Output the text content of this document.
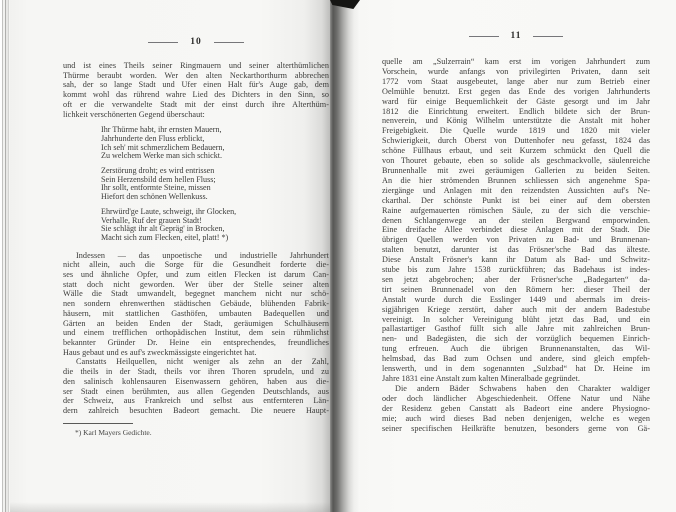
10
und ist eines Theils seiner Ringmauern und seiner alterthümlichen
Thürme beraubt worden. Wer den alten Neckarthorthurm abbrechen
sah, der so lange Stadt und Ufer einen Halt für's Auge gab, dem
kommt wohl das rührend wahre Lied des Dichters in den Sinn, so
oft er die verwandelte Stadt mit der einst durch ihre Alterthüm-
lichkeit verschönerten Gegend überschaut:
Ihr Thürme habt, ihr ernsten Mauern,
Jahrhunderte den Fluss erblickt,
Ich seh' mit schmerzlichem Bedauern,
Zu welchem Werke man sich schickt.
Zerstörung droht; es wird entrissen
Sein Herzensbild dem hellen Fluss;
Ihr sollt, entformte Steine, missen
Hiefort den schönen Wellenkuss.
Ehrwürd'ge Laute, schweigt, ihr Glocken,
Verhalle, Ruf der grauen Stadt!
Sie schlägt ihr alt Gepräg' in Brocken,
Macht sich zum Flecken, eitel, platt! *)
Indessen — das unpoetische und industrielle Jahrhundert
nicht allein, auch die Sorge für die Gesundheit forderte die-
ses und ähnliche Opfer, und zum eitlen Flecken ist darum Can-
statt doch nicht geworden. Wer über der Stelle seiner alten
Wälle die Stadt umwandelt, begegnet manchem nicht nur schö-
nen sondern ehrenwerthen städtischen Gebäude, blühenden Fabrik-
häusern, mit stattlichen Gasthöfen, umbauten Badequellen und
Gärten an beiden Enden der Stadt, geräumigen Schulhäusern
und einem trefflichen orthopädischen Institut, dem sein rühmlichst
bekannter Gründer Dr. Heine ein entsprechendes, freundliches
Haus gebaut und es auf's zweckmässigste eingerichtet hat.
Canstatts Heilquellen, nicht weniger als zehn an der Zahl,
die theils in der Stadt, theils vor ihren Thoren sprudeln, und zu
den salinisch kohlensauren Eisenwassern gehören, haben aus die-
ser Stadt einen berühmten, aus allen Gegenden Deutschlands, aus
der Schweiz, aus Frankreich und selbst aus entfernteren Län-
dern zahlreich besuchten Badeort gemacht. Die neuere Haupt-
*) Karl Mayers Gedichte.
11
quelle am „Sulzerrain“ kam erst im vorigen Jahrhundert zum
Vorschein, wurde anfangs von privilegirten Privaten, dann seit
1772 vom Staat ausgebeutet, lange aber nur zum Betrieb einer
Oelmühle benutzt. Erst gegen das Ende des vorigen Jahrhunderts
ward für einige Bequemlichkeit der Gäste gesorgt und im Jahr
1812 die Einrichtung erweitert. Endlich bildete sich der Brun-
nenverein, und König Wilhelm unterstützte die Anstalt mit hoher
Freigebigkeit. Die Quelle wurde 1819 und 1820 mit vieler
Schwierigkeit, durch Oberst von Duttenhofer neu gefasst, 1824 das
schöne Füllhaus erbaut, und seit Kurzem schmückt den Quell die
von Thouret gebaute, eben so solide als geschmackvolle, säulenreiche
Brunnenhalle mit zwei geräumigen Gallerien zu beiden Seiten.
An die hier strömenden Brunnen schliessen sich angenehme Spa-
ziergänge und Anlagen mit den reizendsten Aussichten auf's Ne-
ckarthal. Der schönste Punkt ist bei einer auf dem obersten
Raine aufgemauerten römischen Säule, zu der sich die verschie-
denen Schlangenwege an der steilen Bergwand emporwinden.
Eine dreifache Allee verbindet diese Anlagen mit der Stadt. Die
übrigen Quellen werden von Privaten zu Bad- und Brunnenan-
stalten benutzt, darunter ist das Frösner'sche Bad das älteste.
Diese Anstalt Frösner's kann ihr Datum als Bad- und Schwitz-
stube bis zum Jahre 1538 zurückführen; das Badehaus ist indes-
sen jetzt abgebrochen; aber der Frösner'sche „Badegarten“ da-
tirt seinen Brunnenadel von den Römern her: dieser Theil der
Anstalt wurde durch die Esslinger 1449 und abermals im dreis-
sigjährigen Kriege zerstört, daher auch mit der andern Badestube
vereinigt. In solcher Vereinigung blüht jetzt das Bad, und ein
pallastartiger Gasthof füllt sich alle Jahre mit zahlreichen Brun-
nen- und Badegästen, die sich der vorzüglich bequemen Einrich-
tung erfreuen. Auch die übrigen Brunnenanstalten, das Wil-
helmsbad, das Bad zum Ochsen und andere, sind gleich empfeh-
lenswerth, und in dem sogenannten „Sulzbad“ hat Dr. Heine im
Jahre 1831 eine Anstalt zum kalten Mineralbade gegründet.
Die andern Bäder Schwabens haben den Charakter waldiger
oder doch ländlicher Abgeschiedenheit. Offene Natur und Nähe
der Residenz geben Canstatt als Badeort eine andere Physiogno-
mie; auch wird dieses Bad neben denjenigen, welche es wegen
seiner specifischen Heilkräfte benutzen, besonders gerne von Gä-
